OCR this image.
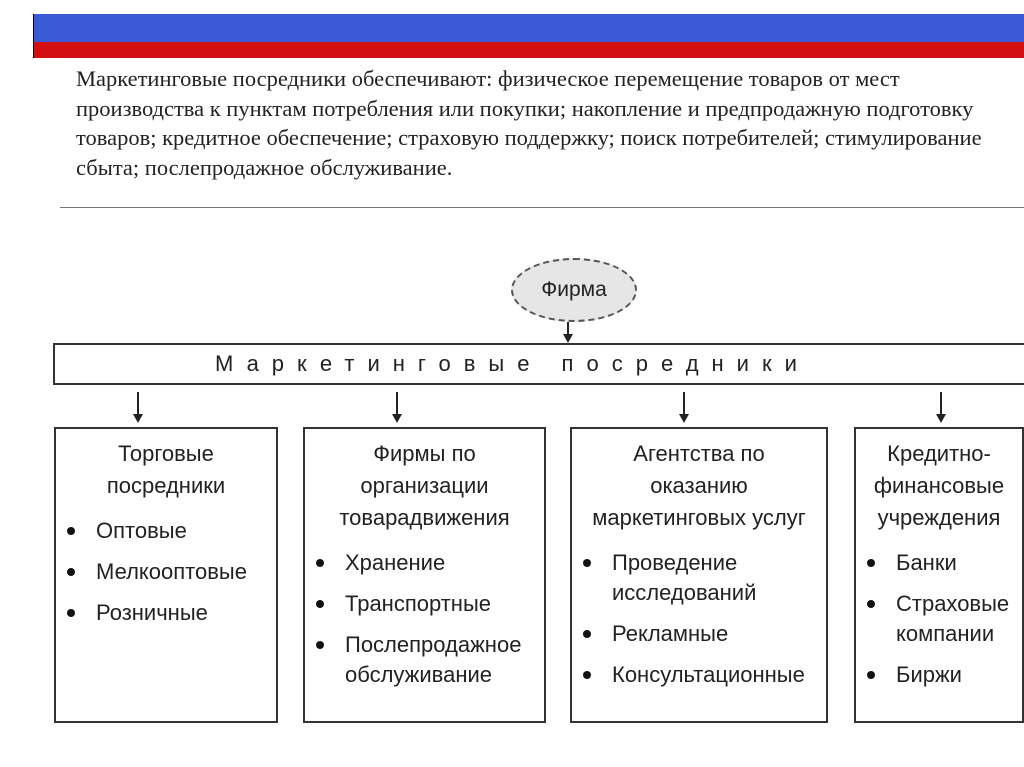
Маркетинговые посредники обеспечивают: физическое перемещение товаров от мест производства к пунктам потребления или покупки; накопление и предпродажную подготовку товаров; кредитное обеспечение; страховую поддержку; поиск потребителей; стимулирование сбыта; послепродажное обслуживание.

Фирма
Маркетинговые посредники
Торговые
посредники
Оптовые
Мелкооптовые
Розничные
Фирмы по
организации
товарадвижения
Хранение
Транспортные
Послепродажное
обслуживание
Агентства по
оказанию
маркетинговых услуг
Проведение
исследований
Рекламные
Консультационные
Кредитно-
финансовые
учреждения
Банки
Страховые
компании
Биржи
